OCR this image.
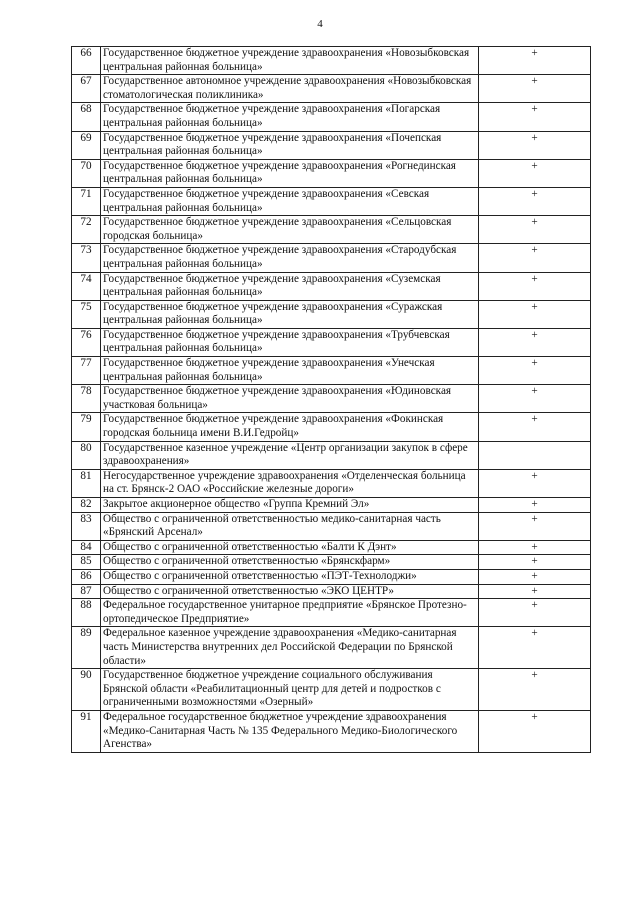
4
66	Государственное бюджетное учреждение здравоохранения «Новозыбковская центральная районная больница»	+
67	Государственное автономное учреждение здравоохранения «Новозыбковская стоматологическая поликлиника»	+
68	Государственное бюджетное учреждение здравоохранения «Погарская центральная районная больница»	+
69	Государственное бюджетное учреждение здравоохранения «Почепская центральная районная больница»	+
70	Государственное бюджетное учреждение здравоохранения «Рогнединская центральная районная больница»	+
71	Государственное бюджетное учреждение здравоохранения «Севская центральная районная больница»	+
72	Государственное бюджетное учреждение здравоохранения «Сельцовская городская больница»	+
73	Государственное бюджетное учреждение здравоохранения «Стародубская центральная районная больница»	+
74	Государственное бюджетное учреждение здравоохранения «Суземская центральная районная больница»	+
75	Государственное бюджетное учреждение здравоохранения «Суражская центральная районная больница»	+
76	Государственное бюджетное учреждение здравоохранения «Трубчевская центральная районная больница»	+
77	Государственное бюджетное учреждение здравоохранения «Унечская центральная районная больница»	+
78	Государственное бюджетное учреждение здравоохранения «Юдиновская участковая больница»	+
79	Государственное бюджетное учреждение здравоохранения «Фокинская городская больница имени В.И.Гедройц»	+
80	Государственное казенное учреждение «Центр организации закупок в сфере здравоохранения»	
81	Негосударственное учреждение здравоохранения «Отделенческая больница на ст. Брянск-2 ОАО «Российские железные дороги»	+
82	Закрытое акционерное общество «Группа Кремний Эл»	+
83	Общество с ограниченной ответственностью медико-санитарная часть «Брянский Арсенал»	+
84	Общество с ограниченной ответственностью «Балти К Дэнт»	+
85	Общество с ограниченной ответственностью «Брянскфарм»	+
86	Общество с ограниченной ответственностью «ПЭТ-Технолоджи»	+
87	Общество с ограниченной ответственностью «ЭКО ЦЕНТР»	+
88	Федеральное государственное унитарное предприятие «Брянское Протезно-ортопедическое Предприятие»	+
89	Федеральное казенное учреждение здравоохранения «Медико-санитарная часть Министерства внутренних дел Российской Федерации по Брянской области»	+
90	Государственное бюджетное учреждение социального обслуживания Брянской области «Реабилитационный центр для детей и подростков с ограниченными возможностями «Озерный»	+
91	Федеральное государственное бюджетное учреждение здравоохранения «Медико-Санитарная Часть № 135 Федерального Медико-Биологического Агенства»	+
